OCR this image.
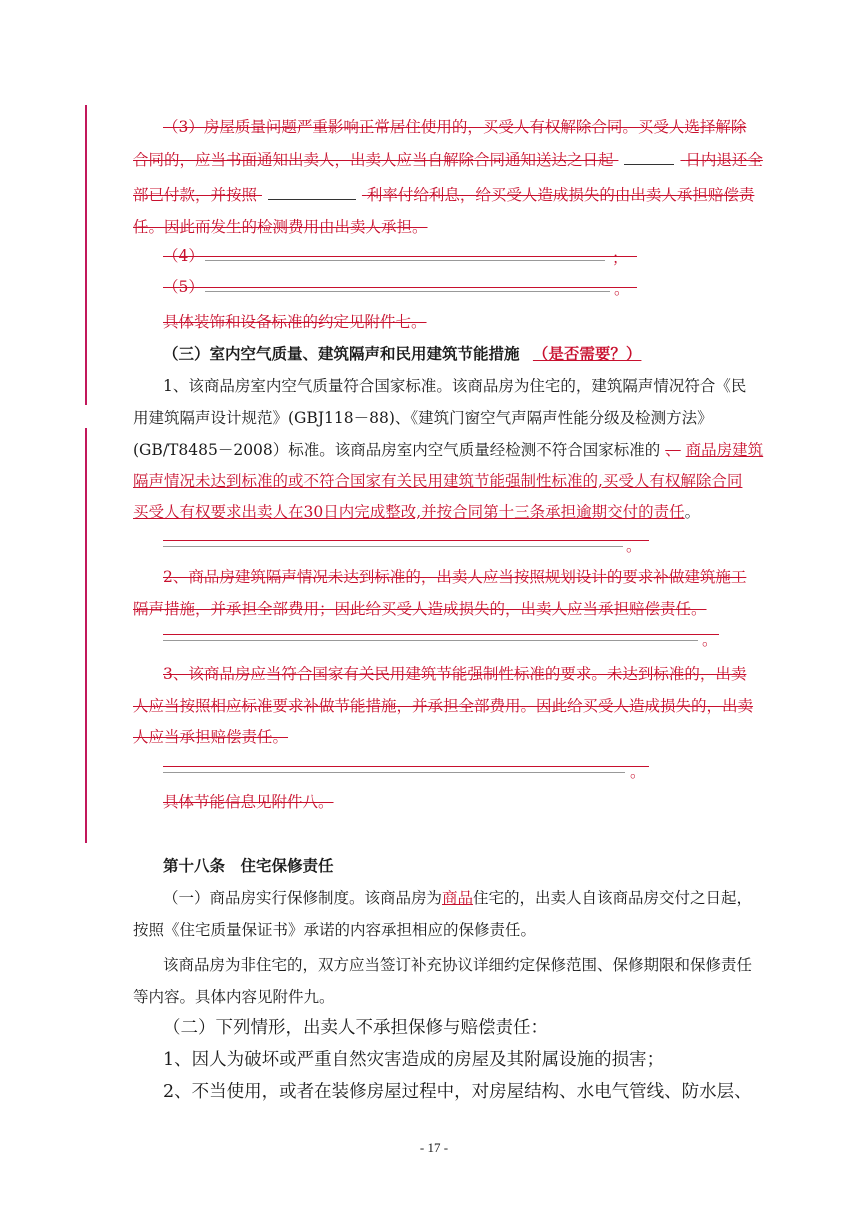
（3）房屋质量问题严重影响正常居住使用的，买受人有权解除合同。买受人选择解除
合同的，应当书面通知出卖人，出卖人应当自解除合同通知送达之日起	日内退还全
部已付款，并按照	利率付给利息，给买受人造成损失的由出卖人承担赔偿责
任。因此而发生的检测费用由出卖人承担。
（4）	；
（5）	。
具体装饰和设备标准的约定见附件七。
（三）室内空气质量、建筑隔声和民用建筑节能措施 （是否需要？）
1、该商品房室内空气质量符合国家标准。该商品房为住宅的，建筑隔声情况符合《民
用建筑隔声设计规范》(GBJ118－88)、《建筑门窗空气声隔声性能分级及检测方法》
(GB/T8485－2008）标准。该商品房室内空气质量经检测不符合国家标准的 、 商品房建筑
隔声情况未达到标准的或不符合国家有关民用建筑节能强制性标准的,买受人有权解除合同
买受人有权要求出卖人在30日内完成整改,并按合同第十三条承担逾期交付的责任。
。
2、商品房建筑隔声情况未达到标准的，出卖人应当按照规划设计的要求补做建筑施工
隔声措施，并承担全部费用；因此给买受人造成损失的，出卖人应当承担赔偿责任。
。
3、该商品房应当符合国家有关民用建筑节能强制性标准的要求。未达到标准的，出卖
人应当按照相应标准要求补做节能措施，并承担全部费用。因此给买受人造成损失的，出卖
人应当承担赔偿责任。
。
具体节能信息见附件八。
第十八条　住宅保修责任
（一）商品房实行保修制度。该商品房为商品住宅的，出卖人自该商品房交付之日起，
按照《住宅质量保证书》承诺的内容承担相应的保修责任。
该商品房为非住宅的，双方应当签订补充协议详细约定保修范围、保修期限和保修责任
等内容。具体内容见附件九。
（二）下列情形，出卖人不承担保修与赔偿责任：
1、因人为破坏或严重自然灾害造成的房屋及其附属设施的损害；
2、不当使用，或者在装修房屋过程中，对房屋结构、水电气管线、防水层、
- 17 -
